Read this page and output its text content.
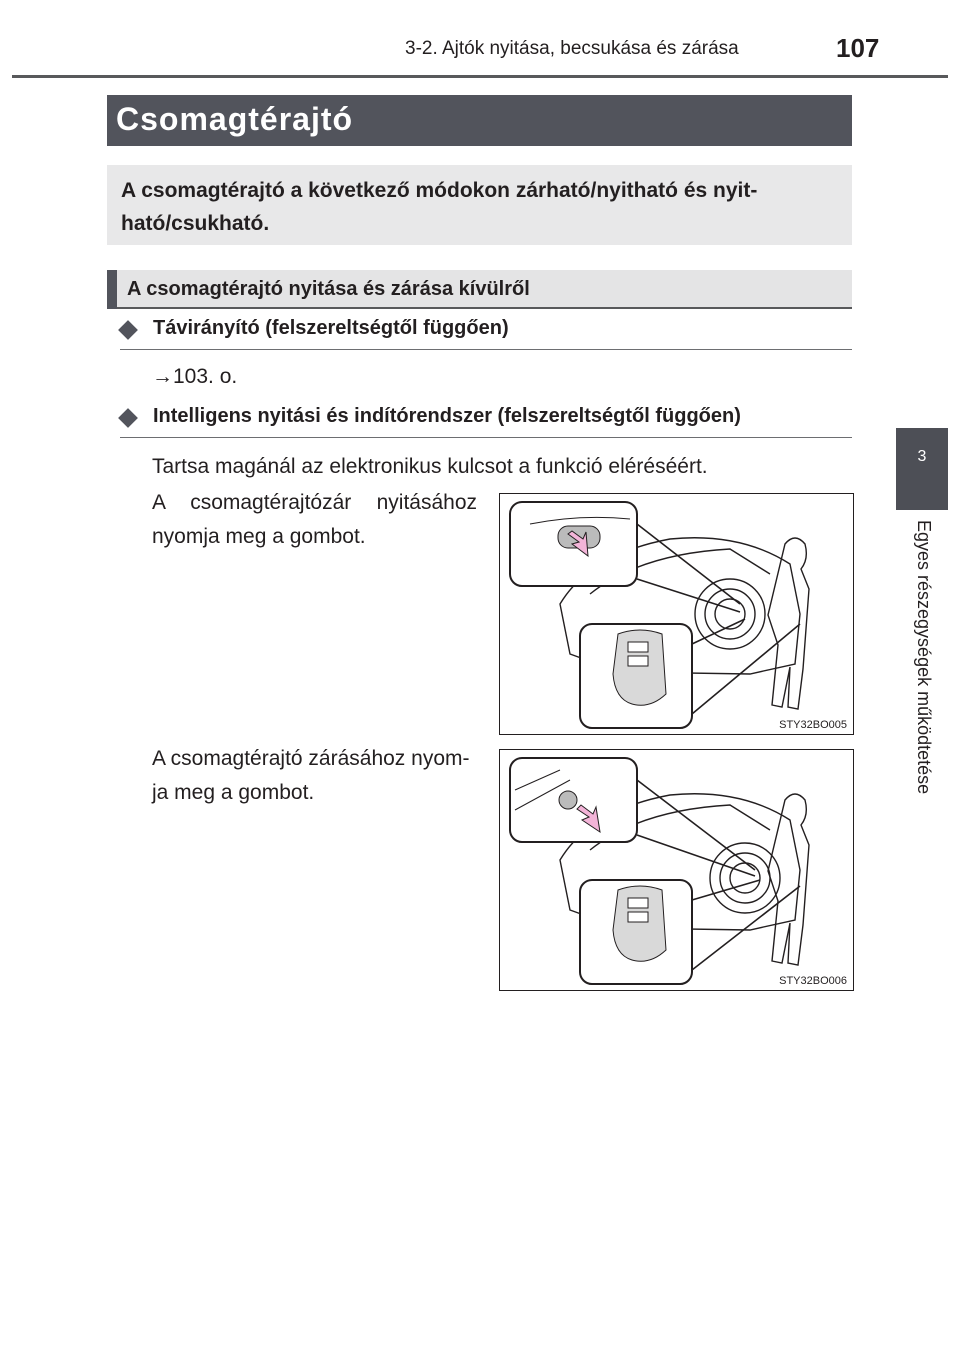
3-2. Ajtók nyitása, becsukása és zárása	107
3
Egyes részegységek működtetése
Csomagtérajtó
A csomagtérajtó a következő módokon zárható/nyitható és nyit-ható/csukható.
A csomagtérajtó nyitása és zárása kívülről
Távirányító (felszereltségtől függően)
→103. o.
Intelligens nyitási és indítórendszer (felszereltségtől függően)
Tartsa magánál az elektronikus kulcsot a funkció eléréséért.
A csomagtérajtózár nyitásához nyomja meg a gombot.
STY32BO005
A csomagtérajtó zárásához nyom-ja meg a gombot.
STY32BO006
